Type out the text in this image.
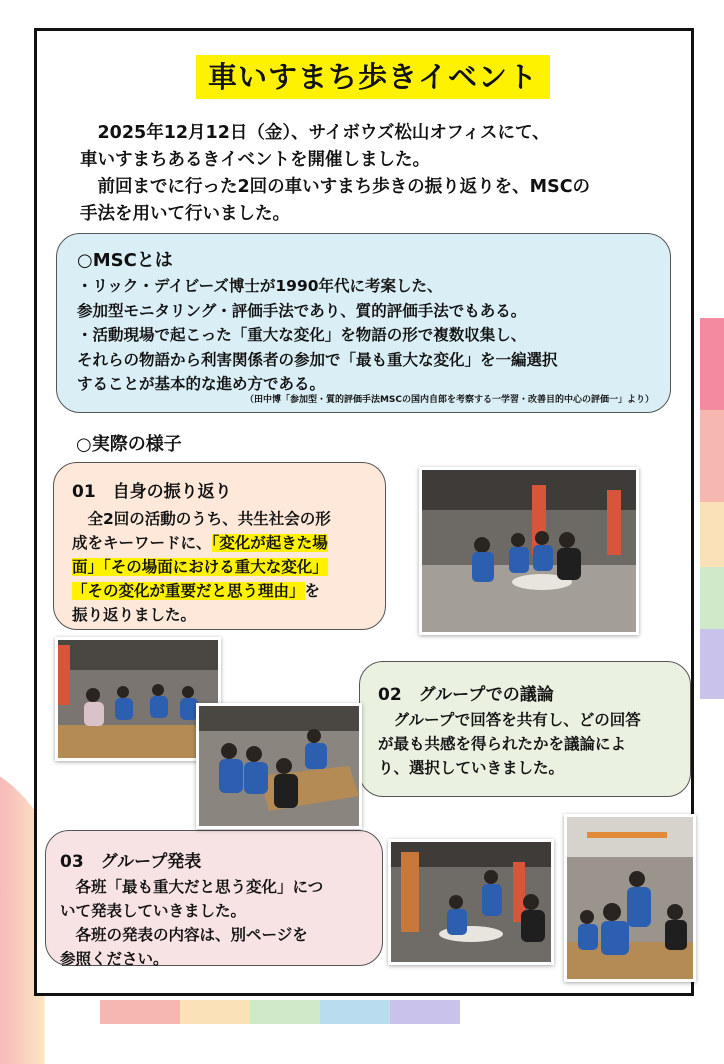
車いすまち歩きイベント
　2025年12月12日（金）、サイボウズ松山オフィスにて、
車いすまちあるきイベントを開催しました。
　前回までに行った2回の車いすまち歩きの振り返りを、MSCの
手法を用いて行いました。
○MSCとは
・リック・デイビーズ博士が1990年代に考案した、
参加型モニタリング・評価手法であり、質的評価手法でもある。
・活動現場で起こった「重大な変化」を物語の形で複数収集し、
それらの物語から利害関係者の参加で「最も重大な変化」を一編選択
することが基本的な進め方である。
（田中博「参加型・質的評価手法MSCの国内自郎を考察する一学習・改善目的中心の評価一」より）
○実際の様子
01　自身の振り返り
　全2回の活動のうち、共生社会の形
成をキーワードに、「変化が起きた場
面」「その場面における重大な変化」
「その変化が重要だと思う理由」を
振り返りました。
02　グループでの議論
　グループで回答を共有し、どの回答
が最も共感を得られたかを議論によ
り、選択していきました。
03　グループ発表
　各班「最も重大だと思う変化」につ
いて発表していきました。
　各班の発表の内容は、別ページを
参照ください。
